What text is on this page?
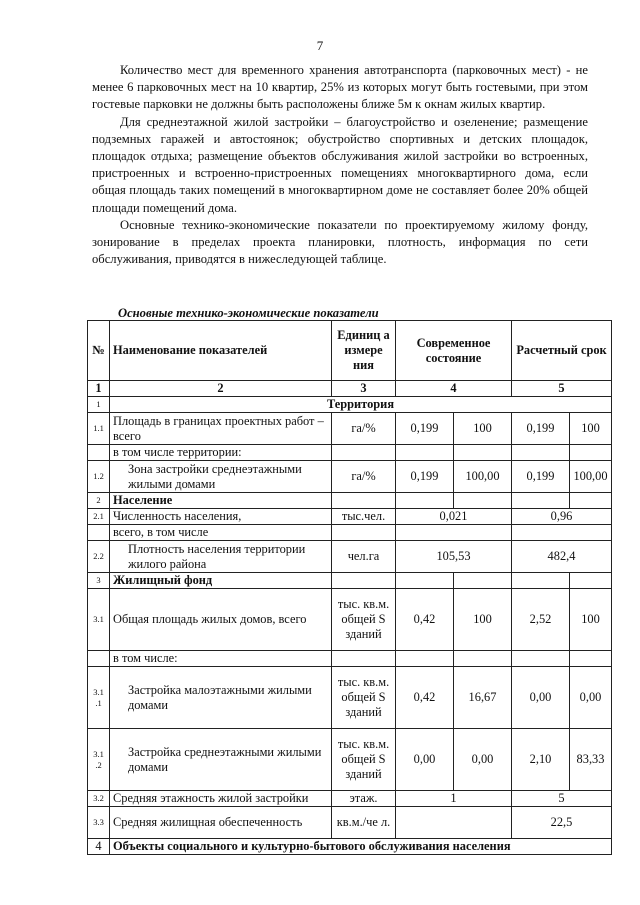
7

Количество мест для временного хранения автотранспорта (парковочных мест) - не менее 6 парковочных мест на 10 квартир, 25% из которых могут быть гостевыми, при этом гостевые парковки не должны быть расположены ближе 5м к окнам жилых квартир.

Для среднеэтажной жилой застройки – благоустройство и озеленение; размещение подземных гаражей и автостоянок; обустройство спортивных и детских площадок, площадок отдыха; размещение объектов обслуживания жилой застройки во встроенных, пристроенных и встроенно-пристроенных помещениях многоквартирного дома, если общая площадь таких помещений в многоквартирном доме не составляет более 20% общей площади помещений дома.

Основные технико-экономические показатели по проектируемому жилому фонду, зонирование в пределах проекта планировки, плотность, информация по сети обслуживания, приводятся в нижеследующей таблице.

Основные технико-экономические показатели
№	Наименование показателей	Единиц а измере ния	Современное состояние		Расчетный срок	
1	2	3	4		5	
1	Территория					
1.1	Площадь в границах проектных работ – всего	га/%	0,199	100	0,199	100
	в том числе территории:					
1.2	Зона застройки среднеэтажными жилыми домами	га/%	0,199	100,00	0,199	100,00
2	Население					
2.1	Численность населения,	тыс.чел.	0,021		0,96	
	всего, в том числе					
2.2	Плотность населения территории жилого района	чел.га	105,53		482,4	
3	Жилищный фонд					
3.1	Общая площадь жилых домов, всего	тыс. кв.м. общей S зданий	0,42	100	2,52	100
	в том числе:					
3.1 .1	Застройка малоэтажными жилыми домами	тыс. кв.м. общей S зданий	0,42	16,67	0,00	0,00
3.1 .2	Застройка среднеэтажными жилыми домами	тыс. кв.м. общей S зданий	0,00	0,00	2,10	83,33
3.2	Средняя этажность жилой застройки	этаж.	1		5	
3.3	Средняя жилищная обеспеченность	кв.м./че л.			22,5	
4	Объекты социального и культурно-бытового обслуживания населения					
